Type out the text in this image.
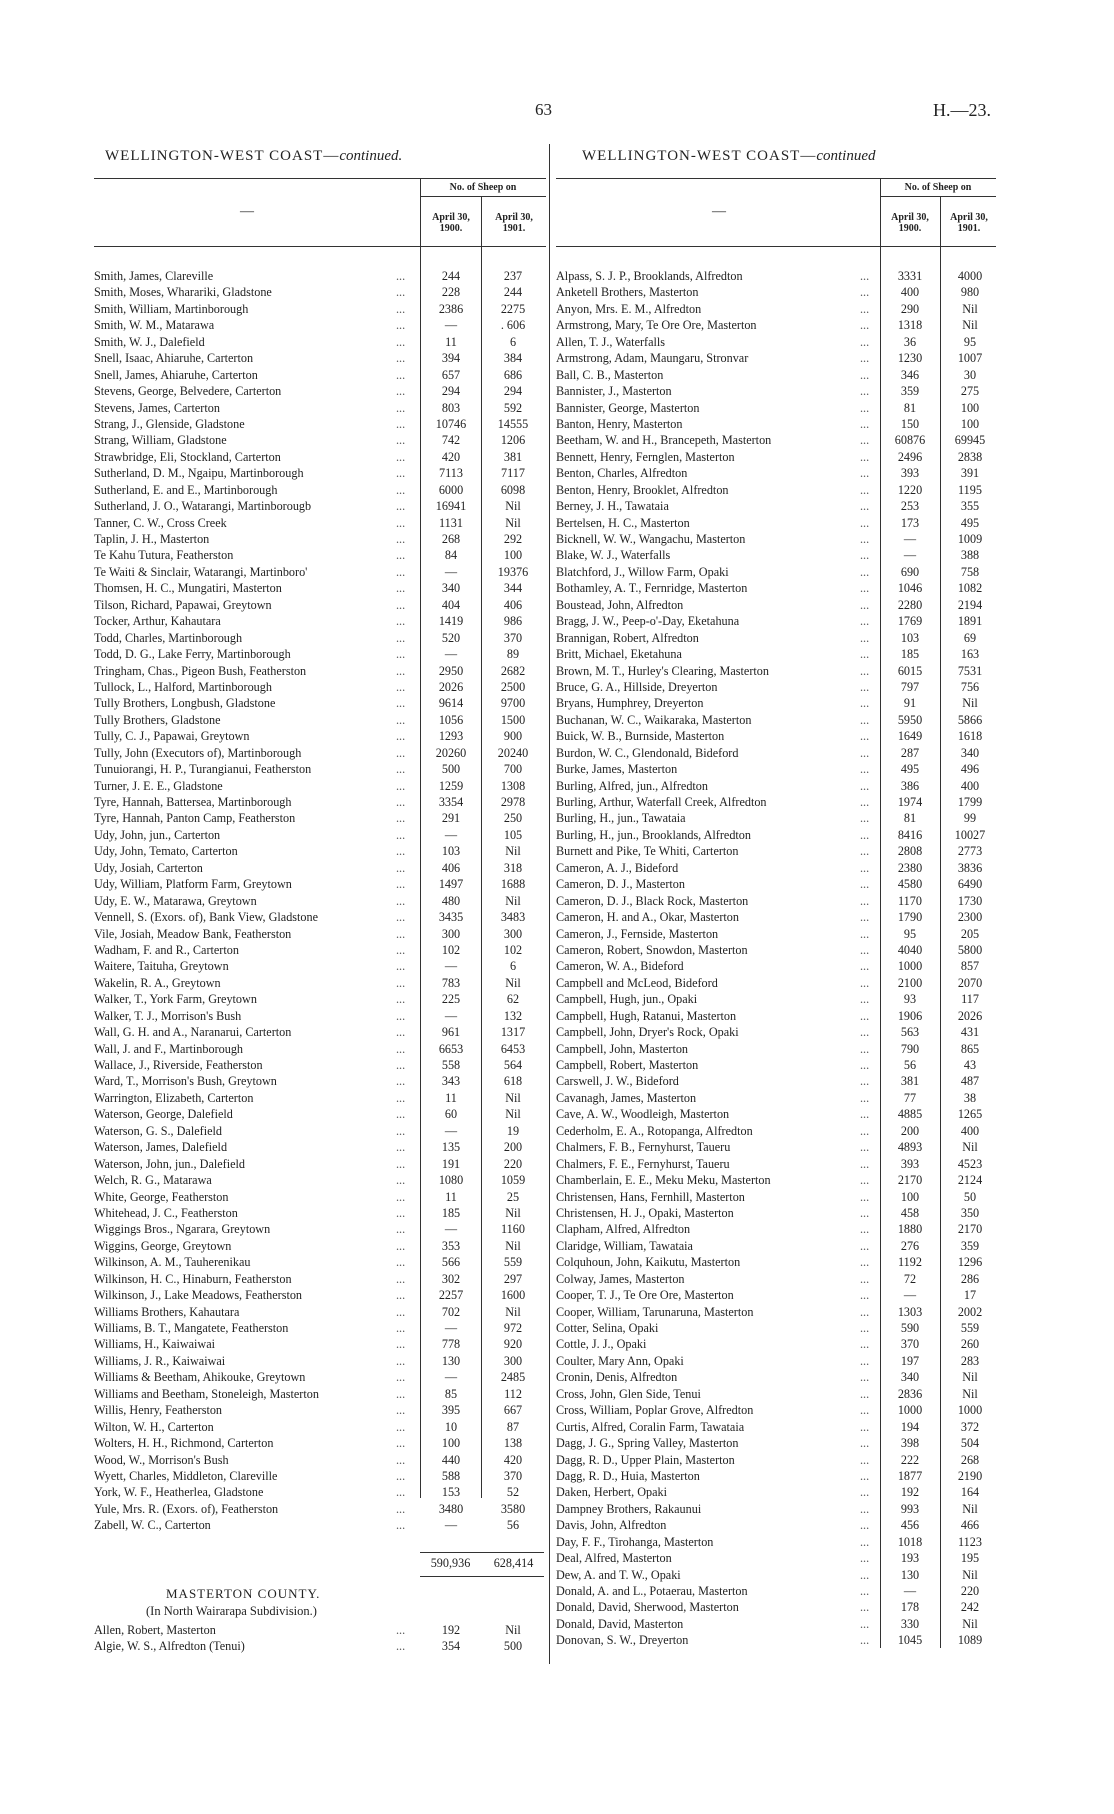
63	H.—23.
WELLINGTON-WEST COAST—continued.
No. of Sheep on
April 30, 1900.
April 30, 1901.
—
Smith, James, Clareville	...	244	237
Smith, Moses, Wharariki, Gladstone	...	228	244
Smith, William, Martinborough	...	2386	2275
Smith, W. M., Matarawa	...	—	. 606
Smith, W. J., Dalefield	...	11	6
Snell, Isaac, Ahiaruhe, Carterton	...	394	384
Snell, James, Ahiaruhe, Carterton	...	657	686
Stevens, George, Belvedere, Carterton	...	294	294
Stevens, James, Carterton	...	803	592
Strang, J., Glenside, Gladstone	...	10746	14555
Strang, William, Gladstone	...	742	1206
Strawbridge, Eli, Stockland, Carterton	...	420	381
Sutherland, D. M., Ngaipu, Martinborough	...	7113	7117
Sutherland, E. and E., Martinborough	...	6000	6098
Sutherland, J. O., Watarangi, Martinborougb	...	16941	Nil
Tanner, C. W., Cross Creek	...	1131	Nil
Taplin, J. H., Masterton	...	268	292
Te Kahu Tutura, Featherston	...	84	100
Te Waiti & Sinclair, Watarangi, Martinboro'	...	—	19376
Thomsen, H. C., Mungatiri, Masterton	...	340	344
Tilson, Richard, Papawai, Greytown	...	404	406
Tocker, Arthur, Kahautara	...	1419	986
Todd, Charles, Martinborough	...	520	370
Todd, D. G., Lake Ferry, Martinborough	...	—	89
Tringham, Chas., Pigeon Bush, Featherston	...	2950	2682
Tullock, L., Halford, Martinborough	...	2026	2500
Tully Brothers, Longbush, Gladstone	...	9614	9700
Tully Brothers, Gladstone	...	1056	1500
Tully, C. J., Papawai, Greytown	...	1293	900
Tully, John (Executors of), Martinborough	...	20260	20240
Tunuiorangi, H. P., Turangianui, Featherston	...	500	700
Turner, J. E. E., Gladstone	...	1259	1308
Tyre, Hannah, Battersea, Martinborough	...	3354	2978
Tyre, Hannah, Panton Camp, Featherston	...	291	250
Udy, John, jun., Carterton	...	—	105
Udy, John, Temato, Carterton	...	103	Nil
Udy, Josiah, Carterton	...	406	318
Udy, William, Platform Farm, Greytown	...	1497	1688
Udy, E. W., Matarawa, Greytown	...	480	Nil
Vennell, S. (Exors. of), Bank View, Gladstone	...	3435	3483
Vile, Josiah, Meadow Bank, Featherston	...	300	300
Wadham, F. and R., Carterton	...	102	102
Waitere, Taituha, Greytown	...	—	6
Wakelin, R. A., Greytown	...	783	Nil
Walker, T., York Farm, Greytown	...	225	62
Walker, T. J., Morrison's Bush	...	—	132
Wall, G. H. and A., Naranarui, Carterton	...	961	1317
Wall, J. and F., Martinborough	...	6653	6453
Wallace, J., Riverside, Featherston	...	558	564
Ward, T., Morrison's Bush, Greytown	...	343	618
Warrington, Elizabeth, Carterton	...	11	Nil
Waterson, George, Dalefield	...	60	Nil
Waterson, G. S., Dalefield	...	—	19
Waterson, James, Dalefield	...	135	200
Waterson, John, jun., Dalefield	...	191	220
Welch, R. G., Matarawa	...	1080	1059
White, George, Featherston	...	11	25
Whitehead, J. C., Featherston	...	185	Nil
Wiggings Bros., Ngarara, Greytown	...	—	1160
Wiggins, George, Greytown	...	353	Nil
Wilkinson, A. M., Tauherenikau	...	566	559
Wilkinson, H. C., Hinaburn, Featherston	...	302	297
Wilkinson, J., Lake Meadows, Featherston	...	2257	1600
Williams Brothers, Kahautara	...	702	Nil
Williams, B. T., Mangatete, Featherston	...	—	972
Williams, H., Kaiwaiwai	...	778	920
Williams, J. R., Kaiwaiwai	...	130	300
Williams & Beetham, Ahikouke, Greytown	...	—	2485
Williams and Beetham, Stoneleigh, Masterton	...	85	112
Willis, Henry, Featherston	...	395	667
Wilton, W. H., Carterton	...	10	87
Wolters, H. H., Richmond, Carterton	...	100	138
Wood, W., Morrison's Bush	...	440	420
Wyett, Charles, Middleton, Clareville	...	588	370
York, W. F., Heatherlea, Gladstone	...	153	52
Yule, Mrs. R. (Exors. of), Featherston	...	3480	3580
Zabell, W. C., Carterton	...	—	56
590,936	628,414
MASTERTON COUNTY.
(In North Wairarapa Subdivision.)
Allen, Robert, Masterton	...	192	Nil
Algie, W. S., Alfredton (Tenui)	...	354	500
WELLINGTON-WEST COAST—continued
No. of Sheep on
April 30, 1900.
April 30, 1901.
—
Alpass, S. J. P., Brooklands, Alfredton	...	3331	4000
Anketell Brothers, Masterton	...	400	980
Anyon, Mrs. E. M., Alfredton	...	290	Nil
Armstrong, Mary, Te Ore Ore, Masterton	...	1318	Nil
Allen, T. J., Waterfalls	...	36	95
Armstrong, Adam, Maungaru, Stronvar	...	1230	1007
Ball, C. B., Masterton	...	346	30
Bannister, J., Masterton	...	359	275
Bannister, George, Masterton	...	81	100
Banton, Henry, Masterton	...	150	100
Beetham, W. and H., Brancepeth, Masterton	...	60876	69945
Bennett, Henry, Fernglen, Masterton	...	2496	2838
Benton, Charles, Alfredton	...	393	391
Benton, Henry, Brooklet, Alfredton	...	1220	1195
Berney, J. H., Tawataia	...	253	355
Bertelsen, H. C., Masterton	...	173	495
Bicknell, W. W., Wangachu, Masterton	...	—	1009
Blake, W. J., Waterfalls	...	—	388
Blatchford, J., Willow Farm, Opaki	...	690	758
Bothamley, A. T., Fernridge, Masterton	...	1046	1082
Boustead, John, Alfredton	...	2280	2194
Bragg, J. W., Peep-o'-Day, Eketahuna	...	1769	1891
Brannigan, Robert, Alfredton	...	103	69
Britt, Michael, Eketahuna	...	185	163
Brown, M. T., Hurley's Clearing, Masterton	...	6015	7531
Bruce, G. A., Hillside, Dreyerton	...	797	756
Bryans, Humphrey, Dreyerton	...	91	Nil
Buchanan, W. C., Waikaraka, Masterton	...	5950	5866
Buick, W. B., Burnside, Masterton	...	1649	1618
Burdon, W. C., Glendonald, Bideford	...	287	340
Burke, James, Masterton	...	495	496
Burling, Alfred, jun., Alfredton	...	386	400
Burling, Arthur, Waterfall Creek, Alfredton	...	1974	1799
Burling, H., jun., Tawataia	...	81	99
Burling, H., jun., Brooklands, Alfredton	...	8416	10027
Burnett and Pike, Te Whiti, Carterton	...	2808	2773
Cameron, A. J., Bideford	...	2380	3836
Cameron, D. J., Masterton	...	4580	6490
Cameron, D. J., Black Rock, Masterton	...	1170	1730
Cameron, H. and A., Okar, Masterton	...	1790	2300
Cameron, J., Fernside, Masterton	...	95	205
Cameron, Robert, Snowdon, Masterton	...	4040	5800
Cameron, W. A., Bideford	...	1000	857
Campbell and McLeod, Bideford	...	2100	2070
Campbell, Hugh, jun., Opaki	...	93	117
Campbell, Hugh, Ratanui, Masterton	...	1906	2026
Campbell, John, Dryer's Rock, Opaki	...	563	431
Campbell, John, Masterton	...	790	865
Campbell, Robert, Masterton	...	56	43
Carswell, J. W., Bideford	...	381	487
Cavanagh, James, Masterton	...	77	38
Cave, A. W., Woodleigh, Masterton	...	4885	1265
Cederholm, E. A., Rotopanga, Alfredton	...	200	400
Chalmers, F. B., Fernyhurst, Taueru	...	4893	Nil
Chalmers, F. E., Fernyhurst, Taueru	...	393	4523
Chamberlain, E. E., Meku Meku, Masterton	...	2170	2124
Christensen, Hans, Fernhill, Masterton	...	100	50
Christensen, H. J., Opaki, Masterton	...	458	350
Clapham, Alfred, Alfredton	...	1880	2170
Claridge, William, Tawataia	...	276	359
Colquhoun, John, Kaikutu, Masterton	...	1192	1296
Colway, James, Masterton	...	72	286
Cooper, T. J., Te Ore Ore, Masterton	...	—	17
Cooper, William, Tarunaruna, Masterton	...	1303	2002
Cotter, Selina, Opaki	...	590	559
Cottle, J. J., Opaki	...	370	260
Coulter, Mary Ann, Opaki	...	197	283
Cronin, Denis, Alfredton	...	340	Nil
Cross, John, Glen Side, Tenui	...	2836	Nil
Cross, William, Poplar Grove, Alfredton	...	1000	1000
Curtis, Alfred, Coralin Farm, Tawataia	...	194	372
Dagg, J. G., Spring Valley, Masterton	...	398	504
Dagg, R. D., Upper Plain, Masterton	...	222	268
Dagg, R. D., Huia, Masterton	...	1877	2190
Daken, Herbert, Opaki	...	192	164
Dampney Brothers, Rakaunui	...	993	Nil
Davis, John, Alfredton	...	456	466
Day, F. F., Tirohanga, Masterton	...	1018	1123
Deal, Alfred, Masterton	...	193	195
Dew, A. and T. W., Opaki	...	130	Nil
Donald, A. and L., Potaerau, Masterton	...	—	220
Donald, David, Sherwood, Masterton	...	178	242
Donald, David, Masterton	...	330	Nil
Donovan, S. W., Dreyerton	...	1045	1089
